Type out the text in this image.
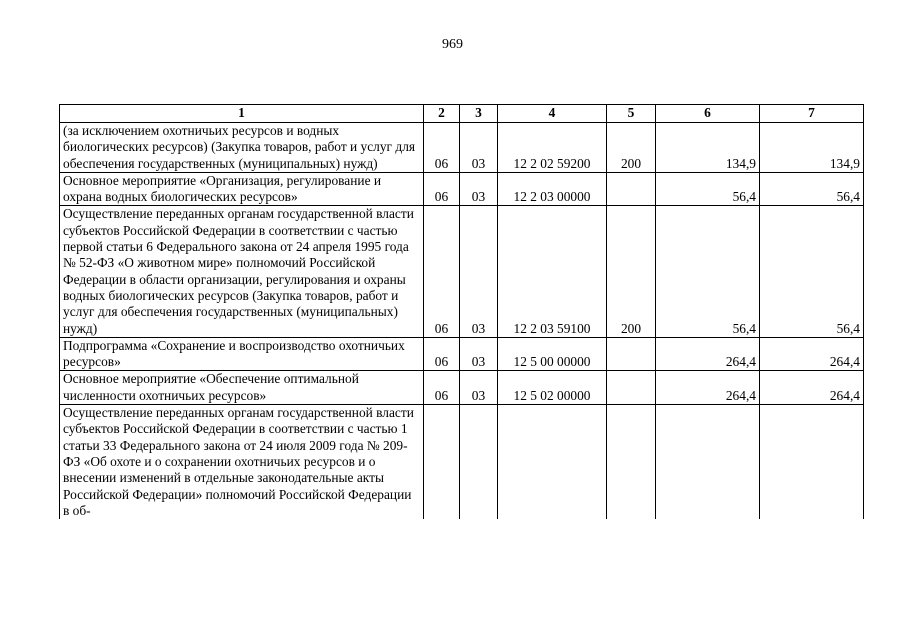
969
1	2	3	4	5	6	7

(за исключением охотничьих ресурсов и водных биологических ресурсов) (Закупка товаров, работ и услуг для обеспечения государственных (муниципальных) нужд)	06	03	12 2 02 59200	200	134,9	134,9

Основное мероприятие «Организация, регулирование и охрана водных биологических ресурсов»	06	03	12 2 03 00000		56,4	56,4

Осуществление переданных органам государственной власти субъектов Российской Федерации в соответствии с частью первой статьи 6 Федерального закона от 24 апреля 1995 года № 52-ФЗ «О животном мире» полномочий Российской Федерации в области организации, регулирования и охраны водных биологических ресурсов (Закупка товаров, работ и услуг для обеспечения государственных (муниципальных) нужд)	06	03	12 2 03 59100	200	56,4	56,4

Подпрограмма «Сохранение и воспроизводство охотничьих ресурсов»	06	03	12 5 00 00000		264,4	264,4

Основное мероприятие «Обеспечение оптимальной численности охотничьих ресурсов»	06	03	12 5 02 00000		264,4	264,4

Осуществление переданных органам государственной власти субъектов Российской Федерации в соответствии с частью 1 статьи 33 Федерального закона от 24 июля 2009 года № 209-ФЗ «Об охоте и о сохранении охотничьих ресурсов и о внесении изменений в отдельные законодательные акты Российской Федерации» полномочий Российской Федерации в об-						
